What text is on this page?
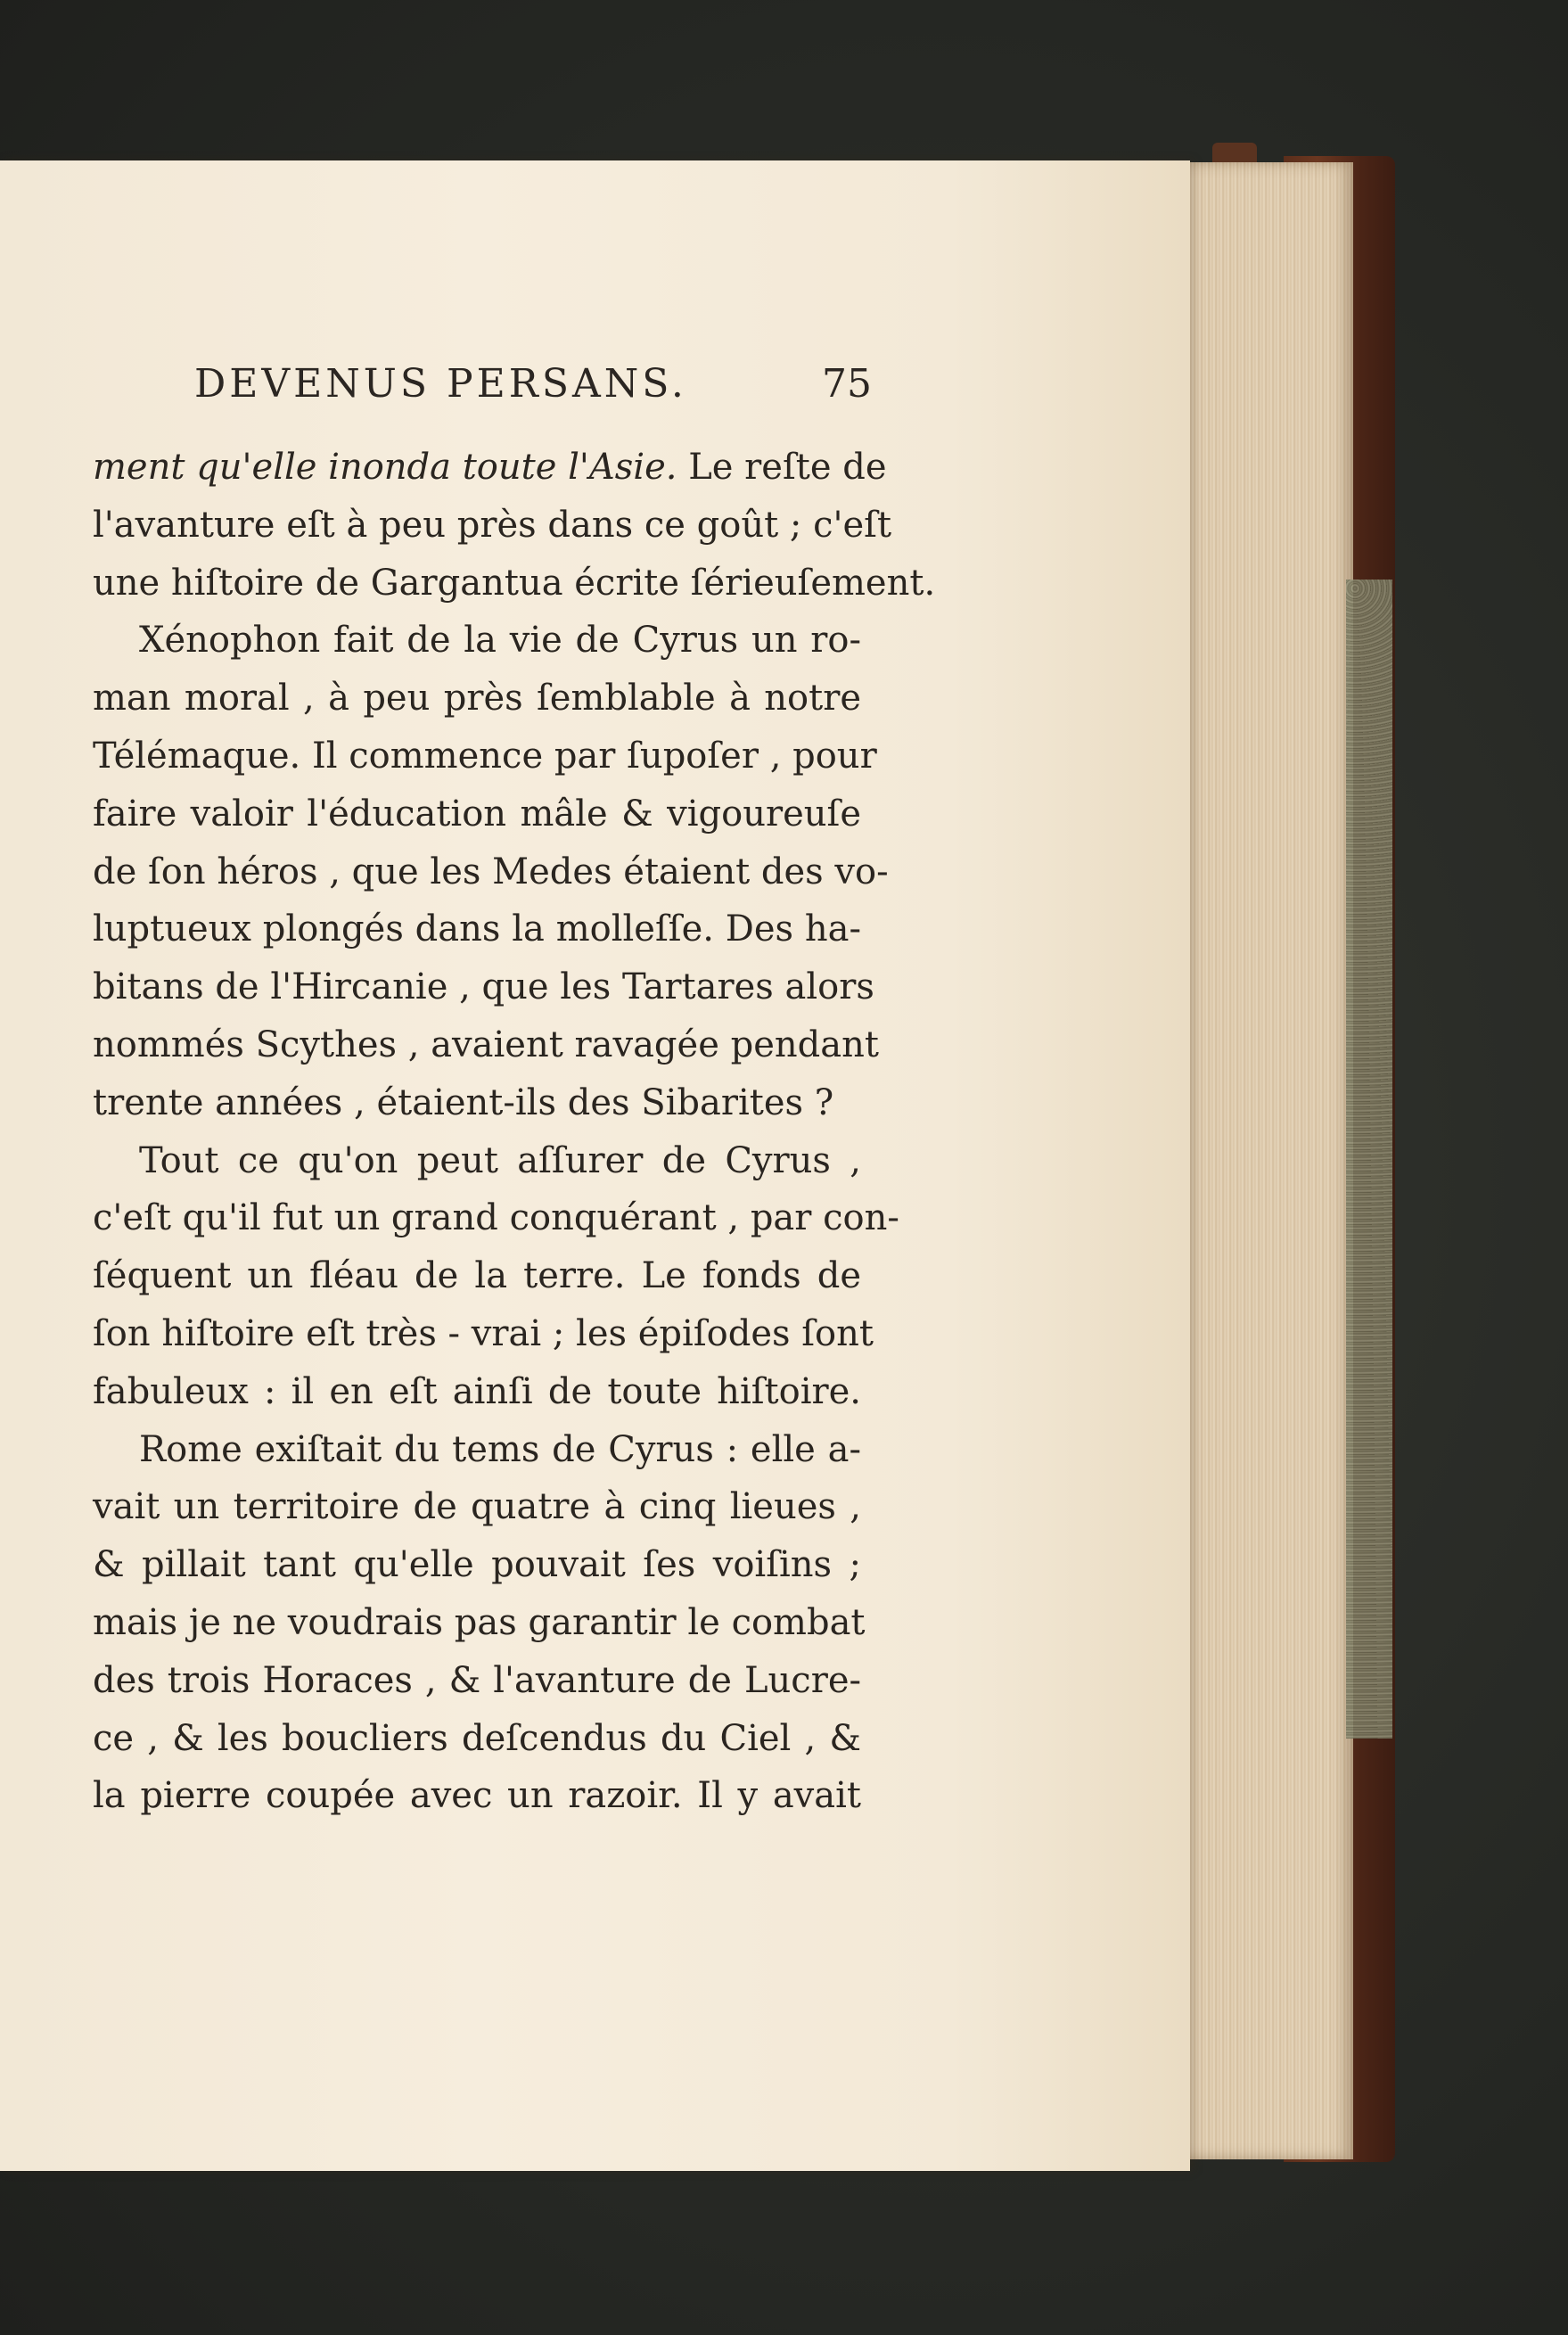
DEVENUS PERSANS.	75
ment qu'elle inonda toute l'Asie. Le reſte de
l'avanture eſt à peu près dans ce goût ; c'eſt
une hiſtoire de Gargantua écrite ſérieuſement.
Xénophon fait de la vie de Cyrus un ro-
man moral , à peu près ſemblable à notre
Télémaque. Il commence par ſupoſer , pour
faire valoir l'éducation mâle & vigoureuſe
de ſon héros , que les Medes étaient des vo-
luptueux plongés dans la molleſſe. Des ha-
bitans de l'Hircanie , que les Tartares alors
nommés Scythes , avaient ravagée pendant
trente années , étaient-ils des Sibarites ?
Tout ce qu'on peut aſſurer de Cyrus ,
c'eſt qu'il fut un grand conquérant , par con-
ſéquent un fléau de la terre. Le fonds de
ſon hiſtoire eſt très - vrai ; les épiſodes ſont
fabuleux : il en eſt ainſi de toute hiſtoire.
Rome exiſtait du tems de Cyrus : elle a-
vait un territoire de quatre à cinq lieues ,
& pillait tant qu'elle pouvait ſes voiſins ;
mais je ne voudrais pas garantir le combat
des trois Horaces , & l'avanture de Lucre-
ce , & les boucliers deſcendus du Ciel , &
la pierre coupée avec un razoir. Il y avait
